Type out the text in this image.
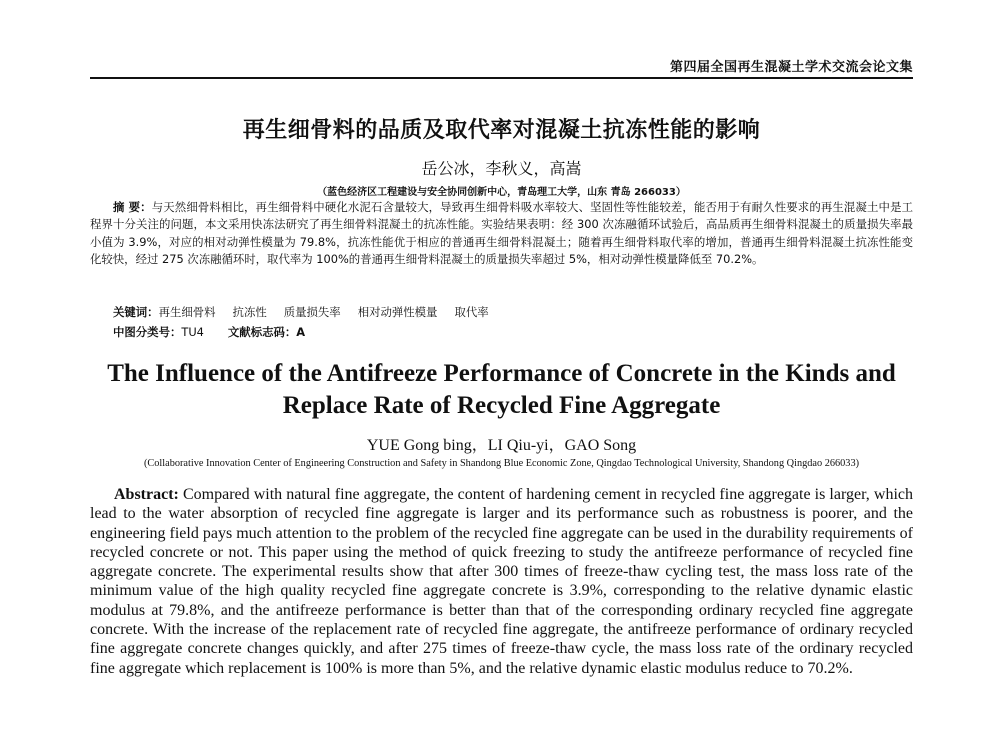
第四届全国再生混凝土学术交流会论文集
再生细骨料的品质及取代率对混凝土抗冻性能的影响
岳公冰，李秋义，高嵩
（蓝色经济区工程建设与安全协同创新中心，青岛理工大学，山东 青岛 266033）
摘 要：与天然细骨料相比，再生细骨料中硬化水泥石含量较大，导致再生细骨料吸水率较大、坚固性等性能较差，能否用于有耐久性要求的再生混凝土中是工程界十分关注的问题，本文采用快冻法研究了再生细骨料混凝土的抗冻性能。实验结果表明：经 300 次冻融循环试验后，高品质再生细骨料混凝土的质量损失率最小值为 3.9%，对应的相对动弹性模量为 79.8%，抗冻性能优于相应的普通再生细骨料混凝土；随着再生细骨料取代率的增加，普通再生细骨料混凝土抗冻性能变化较快，经过 275 次冻融循环时，取代率为 100%的普通再生细骨料混凝土的质量损失率超过 5%，相对动弹性模量降低至 70.2%。
关键词：再生细骨料 抗冻性 质量损失率 相对动弹性模量 取代率
中图分类号：TU4 文献标志码：A
The Influence of the Antifreeze Performance of Concrete in the Kinds and Replace Rate of Recycled Fine Aggregate
YUE Gong bing，LI Qiu-yi，GAO Song
(Collaborative Innovation Center of Engineering Construction and Safety in Shandong Blue Economic Zone, Qingdao Technological University, Shandong Qingdao 266033)
Abstract: Compared with natural fine aggregate, the content of hardening cement in recycled fine aggregate is larger, which lead to the water absorption of recycled fine aggregate is larger and its performance such as robustness is poorer, and the engineering field pays much attention to the problem of the recycled fine aggregate can be used in the durability requirements of recycled concrete or not. This paper using the method of quick freezing to study the antifreeze performance of recycled fine aggregate concrete. The experimental results show that after 300 times of freeze-thaw cycling test, the mass loss rate of the minimum value of the high quality recycled fine aggregate concrete is 3.9%, corresponding to the relative dynamic elastic modulus at 79.8%, and the antifreeze performance is better than that of the corresponding ordinary recycled fine aggregate concrete. With the increase of the replacement rate of recycled fine aggregate, the antifreeze performance of ordinary recycled fine aggregate concrete changes quickly, and after 275 times of freeze-thaw cycle, the mass loss rate of the ordinary recycled fine aggregate which replacement is 100% is more than 5%, and the relative dynamic elastic modulus reduce to 70.2%.
